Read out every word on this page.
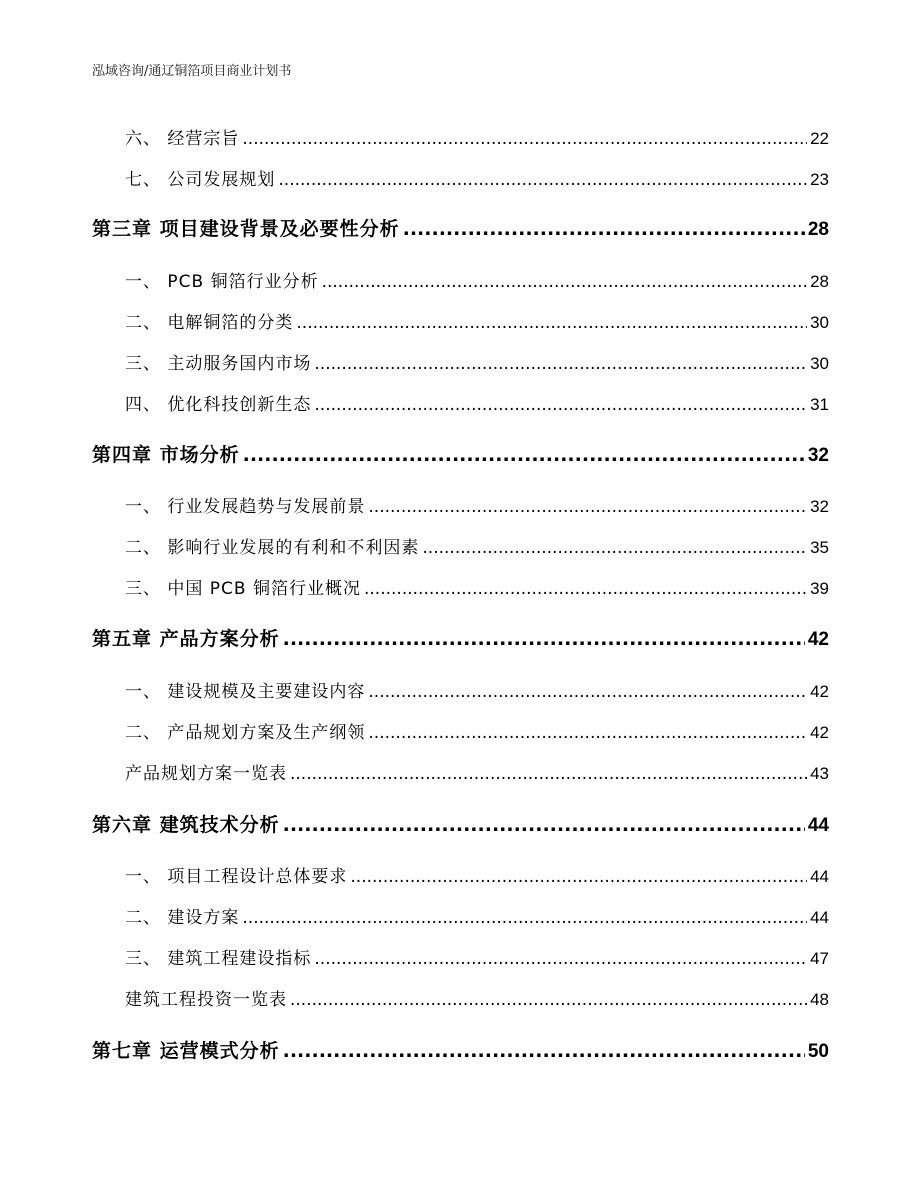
泓域咨询/通辽铜箔项目商业计划书
六、 经营宗旨 .....	22
七、 公司发展规划 .....	23
第三章 项目建设背景及必要性分析 .....	28
一、 PCB 铜箔行业分析 .....	28
二、 电解铜箔的分类 .....	30
三、 主动服务国内市场 .....	30
四、 优化科技创新生态 .....	31
第四章 市场分析 .....	32
一、 行业发展趋势与发展前景 .....	32
二、 影响行业发展的有利和不利因素 .....	35
三、 中国 PCB 铜箔行业概况 .....	39
第五章 产品方案分析 .....	42
一、 建设规模及主要建设内容 .....	42
二、 产品规划方案及生产纲领 .....	42
产品规划方案一览表 .....	43
第六章 建筑技术分析 .....	44
一、 项目工程设计总体要求 .....	44
二、 建设方案 .....	44
三、 建筑工程建设指标 .....	47
建筑工程投资一览表 .....	48
第七章 运营模式分析 .....	50
